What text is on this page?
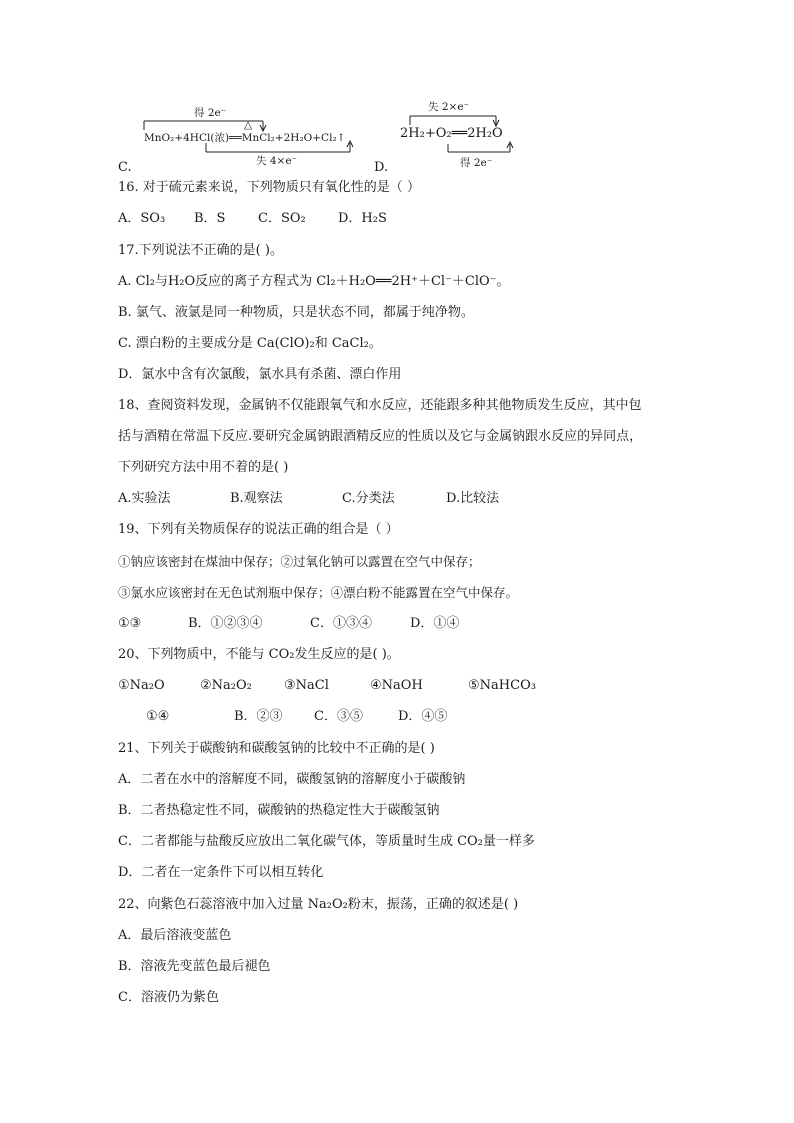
得 2e⁻
△
MnO₂+4HCl(浓)══MnCl₂+2H₂O+Cl₂↑
失 4×e⁻
C.
失 2×e⁻
2H₂+O₂══2H₂O
得 2e⁻
D.
16. 对于硫元素来说，下列物质只有氧化性的是（ ）
A．SO₃ B．S	C．SO₂ D．H₂S
17.下列说法不正确的是( )。
A. Cl₂与H₂O反应的离子方程式为 Cl₂＋H₂O══2H⁺＋Cl⁻＋ClO⁻。
B. 氯气、液氯是同一种物质，只是状态不同，都属于纯净物。
C. 漂白粉的主要成分是 Ca(ClO)₂和 CaCl₂。
D．氯水中含有次氯酸，氯水具有杀菌、漂白作用
18、查阅资料发现，金属钠不仅能跟氧气和水反应，还能跟多种其他物质发生反应，其中包
括与酒精在常温下反应.要研究金属钠跟酒精反应的性质以及它与金属钠跟水反应的异同点，
下列研究方法中用不着的是( )
A.实验法	B.观察法	C.分类法	D.比较法
19、下列有关物质保存的说法正确的组合是（ ）
①钠应该密封在煤油中保存；②过氧化钠可以露置在空气中保存；
③氯水应该密封在无色试剂瓶中保存；④漂白粉不能露置在空气中保存。
①③	B．①②③④	C．①③④	D．①④
20、下列物质中，不能与 CO₂发生反应的是( )。
①Na₂O	②Na₂O₂ ③NaCl	④NaOH	⑤NaHCO₃
①④	B．②③ C．③⑤	D．④⑤
21、下列关于碳酸钠和碳酸氢钠的比较中不正确的是( )
A．二者在水中的溶解度不同，碳酸氢钠的溶解度小于碳酸钠
B．二者热稳定性不同，碳酸钠的热稳定性大于碳酸氢钠
C．二者都能与盐酸反应放出二氧化碳气体，等质量时生成 CO₂量一样多
D．二者在一定条件下可以相互转化
22、向紫色石蕊溶液中加入过量 Na₂O₂粉末，振荡，正确的叙述是( )
A．最后溶液变蓝色
B．溶液先变蓝色最后褪色
C．溶液仍为紫色
